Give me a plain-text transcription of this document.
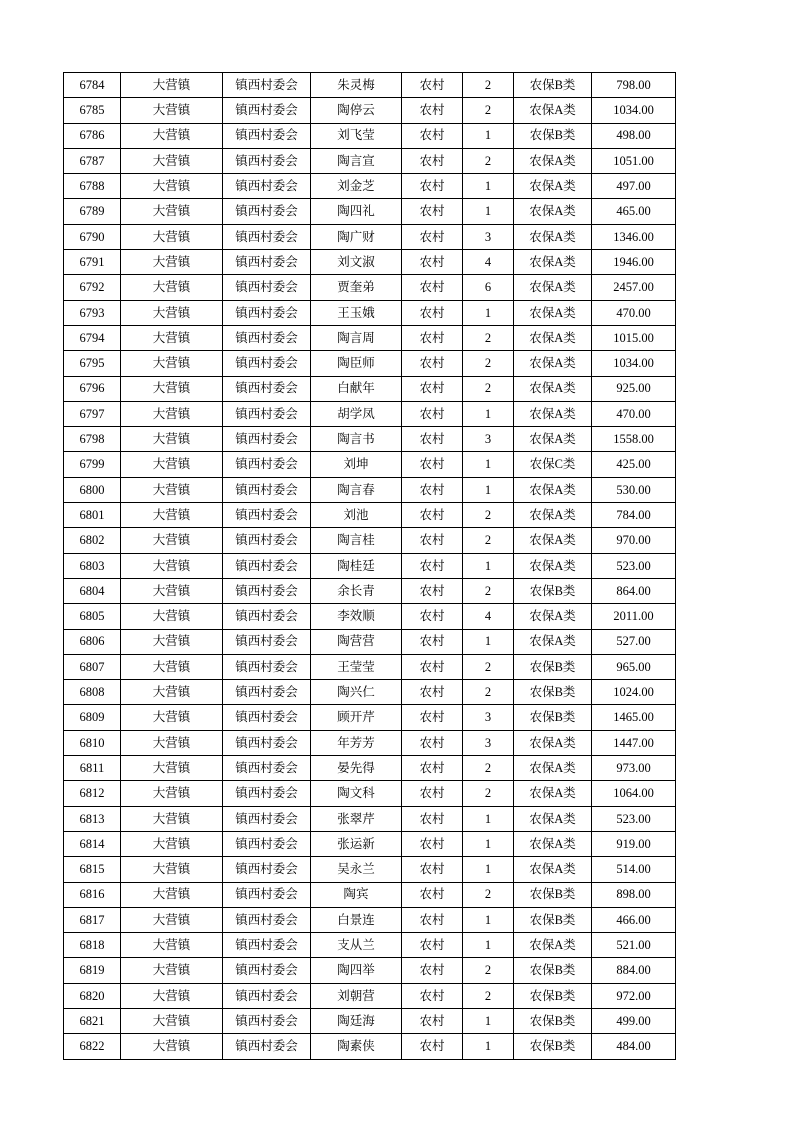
6784	大营镇	镇西村委会	朱灵梅	农村	2	农保B类	798.00
6785	大营镇	镇西村委会	陶停云	农村	2	农保A类	1034.00
6786	大营镇	镇西村委会	刘飞莹	农村	1	农保B类	498.00
6787	大营镇	镇西村委会	陶言宣	农村	2	农保A类	1051.00
6788	大营镇	镇西村委会	刘金芝	农村	1	农保A类	497.00
6789	大营镇	镇西村委会	陶四礼	农村	1	农保A类	465.00
6790	大营镇	镇西村委会	陶广财	农村	3	农保A类	1346.00
6791	大营镇	镇西村委会	刘文淑	农村	4	农保A类	1946.00
6792	大营镇	镇西村委会	贾奎弟	农村	6	农保A类	2457.00
6793	大营镇	镇西村委会	王玉娥	农村	1	农保A类	470.00
6794	大营镇	镇西村委会	陶言周	农村	2	农保A类	1015.00
6795	大营镇	镇西村委会	陶臣师	农村	2	农保A类	1034.00
6796	大营镇	镇西村委会	白献年	农村	2	农保A类	925.00
6797	大营镇	镇西村委会	胡学凤	农村	1	农保A类	470.00
6798	大营镇	镇西村委会	陶言书	农村	3	农保A类	1558.00
6799	大营镇	镇西村委会	刘坤	农村	1	农保C类	425.00
6800	大营镇	镇西村委会	陶言春	农村	1	农保A类	530.00
6801	大营镇	镇西村委会	刘池	农村	2	农保A类	784.00
6802	大营镇	镇西村委会	陶言桂	农村	2	农保A类	970.00
6803	大营镇	镇西村委会	陶桂廷	农村	1	农保A类	523.00
6804	大营镇	镇西村委会	余长青	农村	2	农保B类	864.00
6805	大营镇	镇西村委会	李效顺	农村	4	农保A类	2011.00
6806	大营镇	镇西村委会	陶营营	农村	1	农保A类	527.00
6807	大营镇	镇西村委会	王莹莹	农村	2	农保B类	965.00
6808	大营镇	镇西村委会	陶兴仁	农村	2	农保B类	1024.00
6809	大营镇	镇西村委会	顾开芹	农村	3	农保B类	1465.00
6810	大营镇	镇西村委会	年芳芳	农村	3	农保A类	1447.00
6811	大营镇	镇西村委会	晏先得	农村	2	农保A类	973.00
6812	大营镇	镇西村委会	陶文科	农村	2	农保A类	1064.00
6813	大营镇	镇西村委会	张翠芹	农村	1	农保A类	523.00
6814	大营镇	镇西村委会	张运新	农村	1	农保A类	919.00
6815	大营镇	镇西村委会	吴永兰	农村	1	农保A类	514.00
6816	大营镇	镇西村委会	陶宾	农村	2	农保B类	898.00
6817	大营镇	镇西村委会	白景连	农村	1	农保B类	466.00
6818	大营镇	镇西村委会	支从兰	农村	1	农保A类	521.00
6819	大营镇	镇西村委会	陶四举	农村	2	农保B类	884.00
6820	大营镇	镇西村委会	刘朝营	农村	2	农保B类	972.00
6821	大营镇	镇西村委会	陶廷海	农村	1	农保B类	499.00
6822	大营镇	镇西村委会	陶素侠	农村	1	农保B类	484.00
